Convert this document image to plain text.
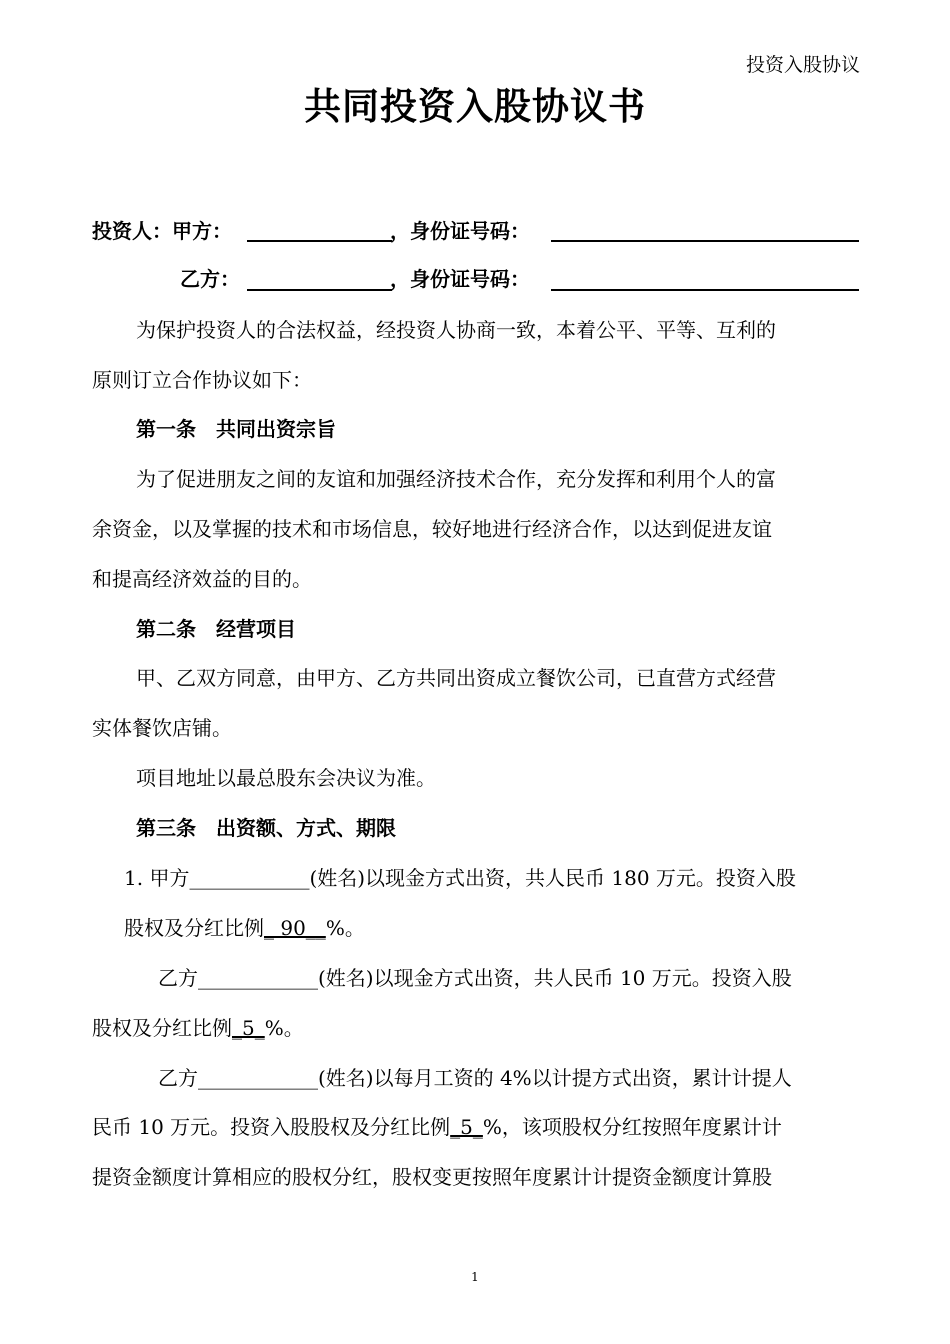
投资入股协议
共同投资入股协议书
投资人：甲方：	，身份证号码：
乙方：	，身份证号码：
为保护投资人的合法权益，经投资人协商一致，本着公平、平等、互利的
原则订立合作协议如下：
第一条　共同出资宗旨
为了促进朋友之间的友谊和加强经济技术合作，充分发挥和利用个人的富
余资金，以及掌握的技术和市场信息，较好地进行经济合作，以达到促进友谊
和提高经济效益的目的。
第二条　经营项目
甲、乙双方同意，由甲方、乙方共同出资成立餐饮公司，已直营方式经营
实体餐饮店铺。
项目地址以最总股东会决议为准。
第三条　出资额、方式、期限
1. 甲方____________(姓名)以现金方式出资，共人民币 180 万元。投资入股
股权及分红比例_ 90__%。
乙方____________(姓名)以现金方式出资，共人民币 10 万元。投资入股
股权及分红比例_5_%。
乙方____________(姓名)以每月工资的 4%以计提方式出资，累计计提人
民币 10 万元。投资入股股权及分红比例_5_%，该项股权分红按照年度累计计
提资金额度计算相应的股权分红，股权变更按照年度累计计提资金额度计算股
1
